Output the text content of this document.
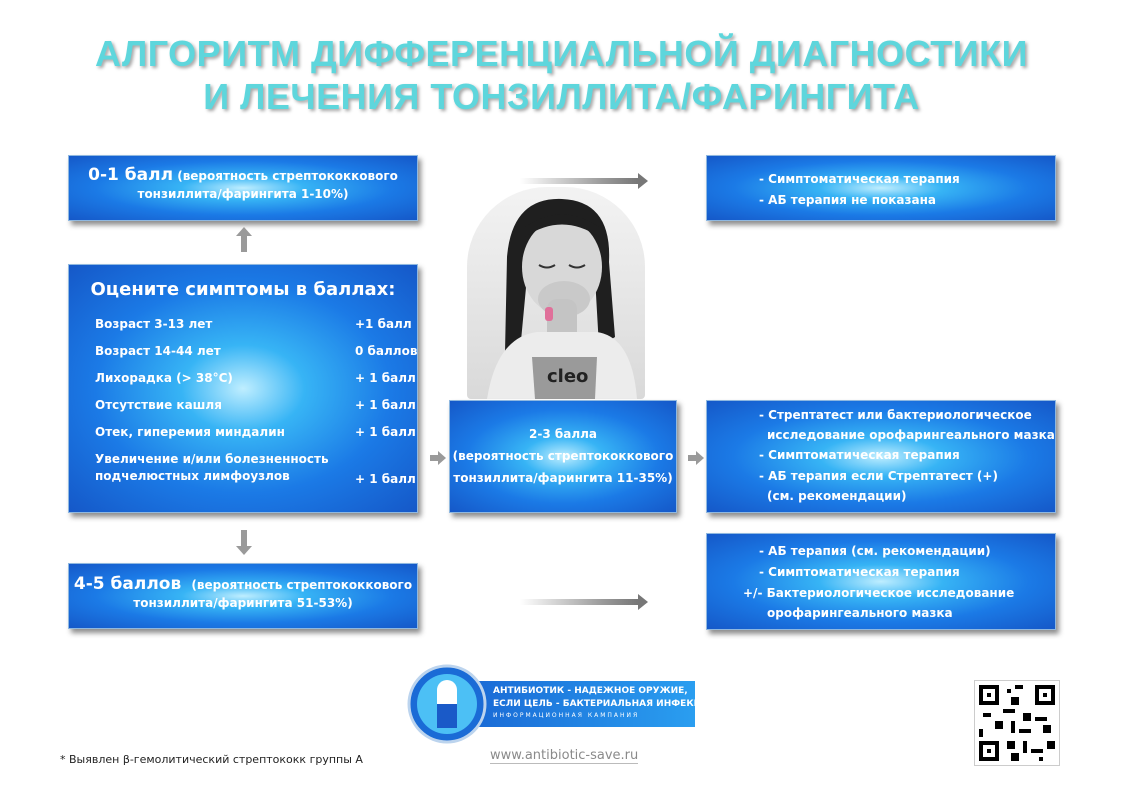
АЛГОРИТМ ДИФФЕРЕНЦИАЛЬНОЙ ДИАГНОСТИКИ
И ЛЕЧЕНИЯ ТОНЗИЛЛИТА/ФАРИНГИТА
0-1 балл (вероятность стрептококкового
тонзиллита/фарингита 1-10%)
Оцените симптомы в баллах:
Возраст 3-13 лет	+1 балл
Возраст 14-44 лет	0 баллов
Лихорадка (> 38°C)	+ 1 балл
Отсутствие кашля	+ 1 балл
Отек, гиперемия миндалин	+ 1 балл
Увеличение и/или болезненность
подчелюстных лимфоузлов	+ 1 балл
4-5 баллов (вероятность стрептококкового
тонзиллита/фарингита 51-53%)
cleo
2-3 балла
(вероятность стрептококкового
тонзиллита/фарингита 11-35%)
- Симптоматическая терапия
- АБ терапия не показана
- Стрептатест или бактериологическое
исследование орофарингеального мазка
- Симптоматическая терапия
- АБ терапия если Стрептатест (+)
(см. рекомендации)
- АБ терапия (см. рекомендации)
- Симптоматическая терапия
+/- Бактериологическое исследование
орофарингеального мазка
АНТИБИОТИК - НАДЕЖНОЕ ОРУЖИЕ,
ЕСЛИ ЦЕЛЬ - БАКТЕРИАЛЬНАЯ ИНФЕКЦИЯ
ИНФОРМАЦИОННАЯ КАМПАНИЯ
www.antibiotic-save.ru
* Выявлен β-гемолитический стрептококк группы А
